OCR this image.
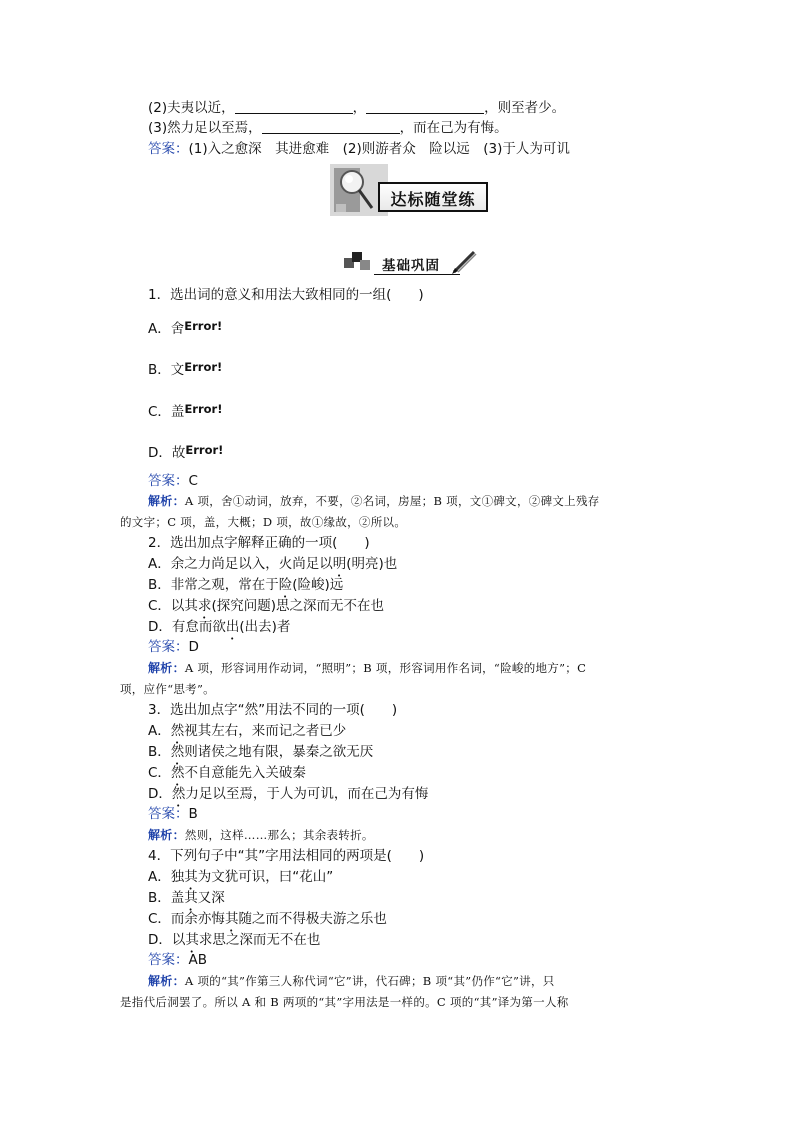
(2)夫夷以近，	，	，则至者少。
(3)然力足以至焉，	，而在己为有悔。
答案：(1)入之愈深　其进愈难　(2)则游者众　险以远　(3)于人为可讥
达标随堂练
基础巩固
1．选出词的意义和用法大致相同的一组(　　)
A．舍Error!
B．文Error!
C．盖Error!
D．故Error!
答案：C
解析：A 项，舍①动词，放弃，不要，②名词，房屋；B 项，文①碑文，②碑文上残存
的文字；C 项，盖，大概；D 项，故①缘故，②所以。
2．选出加点字解释正确的一项(　　)
A．余之力尚足以入，火尚足以明(明亮)也
B．非常之观，常在于险(险峻)远
C．以其求(探究问题)思之深而无不在也
D．有怠而欲出(出去)者
答案：D
解析：A 项，形容词用作动词，“照明”；B 项，形容词用作名词，“险峻的地方”；C
项，应作“思考”。
3．选出加点字“然”用法不同的一项(　　)
A．然视其左右，来而记之者已少
B．然则诸侯之地有限，暴秦之欲无厌
C．然不自意能先入关破秦
D．然力足以至焉，于人为可讥，而在己为有悔
答案：B
解析：然则，这样……那么；其余表转折。
4．下列句子中“其”字用法相同的两项是(　　)
A．独其为文犹可识，曰“花山”
B．盖其又深
C．而余亦悔其随之而不得极夫游之乐也
D．以其求思之深而无不在也
答案：AB
解析：A 项的“其”作第三人称代词“它”讲，代石碑；B 项“其”仍作“它”讲，只
是指代后洞罢了。所以 A 和 B 两项的“其”字用法是一样的。C 项的“其”译为第一人称
